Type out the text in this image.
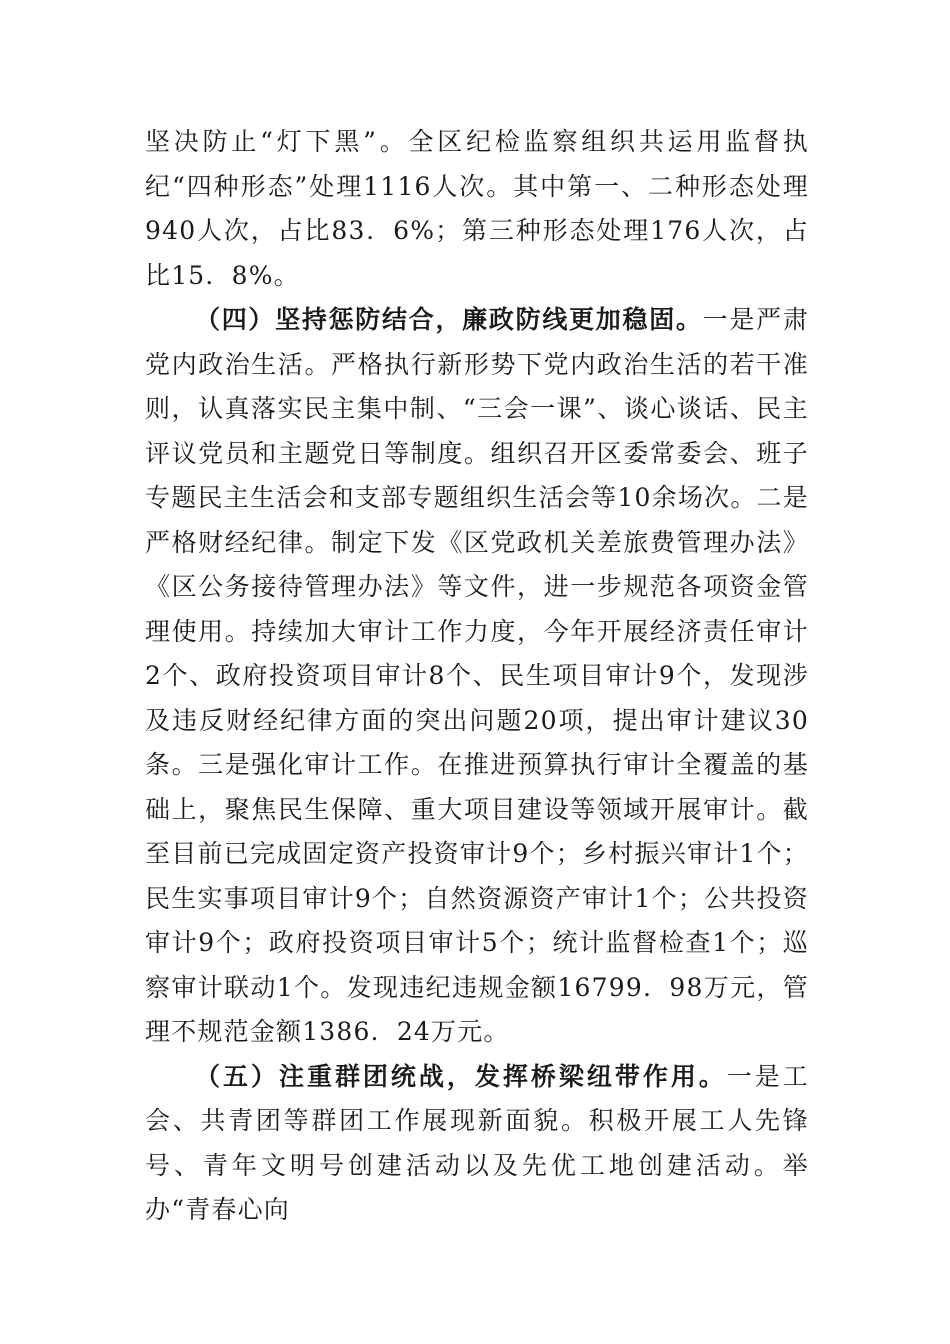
坚决防止“灯下黑”。全区纪检监察组织共运用监督执纪“四种形态”处理1116人次。其中第一、二种形态处理940人次，占比83．6%；第三种形态处理176人次，占比15．8%。

（四）坚持惩防结合，廉政防线更加稳固。一是严肃党内政治生活。严格执行新形势下党内政治生活的若干准则，认真落实民主集中制、“三会一课”、谈心谈话、民主评议党员和主题党日等制度。组织召开区委常委会、班子专题民主生活会和支部专题组织生活会等10余场次。二是严格财经纪律。制定下发《区党政机关差旅费管理办法》《区公务接待管理办法》等文件，进一步规范各项资金管理使用。持续加大审计工作力度，今年开展经济责任审计2个、政府投资项目审计8个、民生项目审计9个，发现涉及违反财经纪律方面的突出问题20项，提出审计建议30条。三是强化审计工作。在推进预算执行审计全覆盖的基础上，聚焦民生保障、重大项目建设等领域开展审计。截至目前已完成固定资产投资审计9个；乡村振兴审计1个；民生实事项目审计9个；自然资源资产审计1个；公共投资审计9个；政府投资项目审计5个；统计监督检查1个；巡察审计联动1个。发现违纪违规金额16799．98万元，管理不规范金额1386．24万元。

（五）注重群团统战，发挥桥梁纽带作用。一是工会、共青团等群团工作展现新面貌。积极开展工人先锋号、青年文明号创建活动以及先优工地创建活动。举办“青春心向
